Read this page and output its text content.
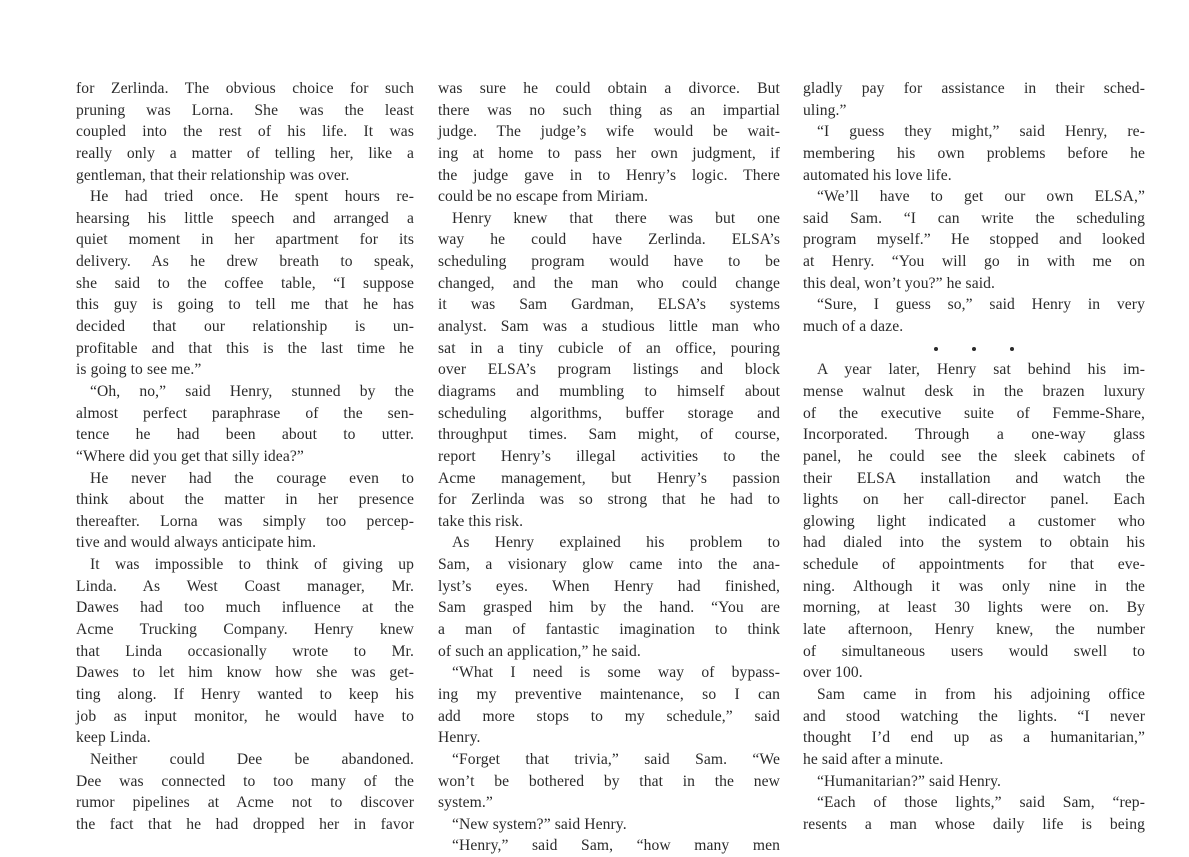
for Zerlinda. The obvious choice for such

pruning was Lorna. She was the least

coupled into the rest of his life. It was

really only a matter of telling her, like a

gentleman, that their relationship was over.

He had tried once. He spent hours re-

hearsing his little speech and arranged a

quiet moment in her apartment for its

delivery. As he drew breath to speak,

she said to the coffee table, “I suppose

this guy is going to tell me that he has

decided that our relationship is un-

profitable and that this is the last time he

is going to see me.”

“Oh, no,” said Henry, stunned by the

almost perfect paraphrase of the sen-

tence he had been about to utter.

“Where did you get that silly idea?”

He never had the courage even to

think about the matter in her presence

thereafter. Lorna was simply too percep-

tive and would always anticipate him.

It was impossible to think of giving up

Linda. As West Coast manager, Mr.

Dawes had too much influence at the

Acme Trucking Company. Henry knew

that Linda occasionally wrote to Mr.

Dawes to let him know how she was get-

ting along. If Henry wanted to keep his

job as input monitor, he would have to

keep Linda.

Neither could Dee be abandoned.

Dee was connected to too many of the

rumor pipelines at Acme not to discover

the fact that he had dropped her in favor

was sure he could obtain a divorce. But

there was no such thing as an impartial

judge. The judge’s wife would be wait-

ing at home to pass her own judgment, if

the judge gave in to Henry’s logic. There

could be no escape from Miriam.

Henry knew that there was but one

way he could have Zerlinda. ELSA’s

scheduling program would have to be

changed, and the man who could change

it was Sam Gardman, ELSA’s systems

analyst. Sam was a studious little man who

sat in a tiny cubicle of an office, pouring

over ELSA’s program listings and block

diagrams and mumbling to himself about

scheduling algorithms, buffer storage and

throughput times. Sam might, of course,

report Henry’s illegal activities to the

Acme management, but Henry’s passion

for Zerlinda was so strong that he had to

take this risk.

As Henry explained his problem to

Sam, a visionary glow came into the ana-

lyst’s eyes. When Henry had finished,

Sam grasped him by the hand. “You are

a man of fantastic imagination to think

of such an application,” he said.

“What I need is some way of bypass-

ing my preventive maintenance, so I can

add more stops to my schedule,” said

Henry.

“Forget that trivia,” said Sam. “We

won’t be bothered by that in the new

system.”

“New system?” said Henry.

“Henry,” said Sam, “how many men

gladly pay for assistance in their sched-

uling.”

“I guess they might,” said Henry, re-

membering his own problems before he

automated his love life.

“We’ll have to get our own ELSA,”

said Sam. “I can write the scheduling

program myself.” He stopped and looked

at Henry. “You will go in with me on

this deal, won’t you?” he said.

“Sure, I guess so,” said Henry in very

much of a daze.

A year later, Henry sat behind his im-

mense walnut desk in the brazen luxury

of the executive suite of Femme-Share,

Incorporated. Through a one-way glass

panel, he could see the sleek cabinets of

their ELSA installation and watch the

lights on her call-director panel. Each

glowing light indicated a customer who

had dialed into the system to obtain his

schedule of appointments for that eve-

ning. Although it was only nine in the

morning, at least 30 lights were on. By

late afternoon, Henry knew, the number

of simultaneous users would swell to

over 100.

Sam came in from his adjoining office

and stood watching the lights. “I never

thought I’d end up as a humanitarian,”

he said after a minute.

“Humanitarian?” said Henry.

“Each of those lights,” said Sam, “rep-

resents a man whose daily life is being
